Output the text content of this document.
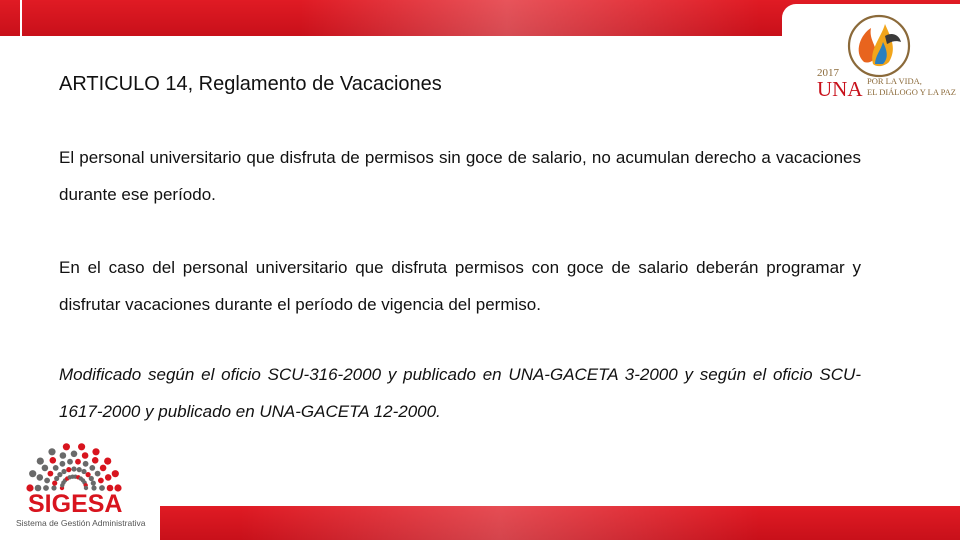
2017
UNA POR LA VIDA,
EL DIÁLOGO Y LA PAZ
ARTICULO 14, Reglamento de Vacaciones

El personal universitario que disfruta de permisos sin goce de salario, no acumulan derecho a vacaciones durante ese período.

En el caso del personal universitario que disfruta permisos con goce de salario deberán programar y disfrutar vacaciones durante el período de vigencia del permiso.

Modificado según el oficio SCU-316-2000 y publicado en UNA-GACETA 3-2000 y según el oficio SCU-1617-2000 y publicado en UNA-GACETA 12-2000.

SIGESA
Sistema de Gestión Administrativa
